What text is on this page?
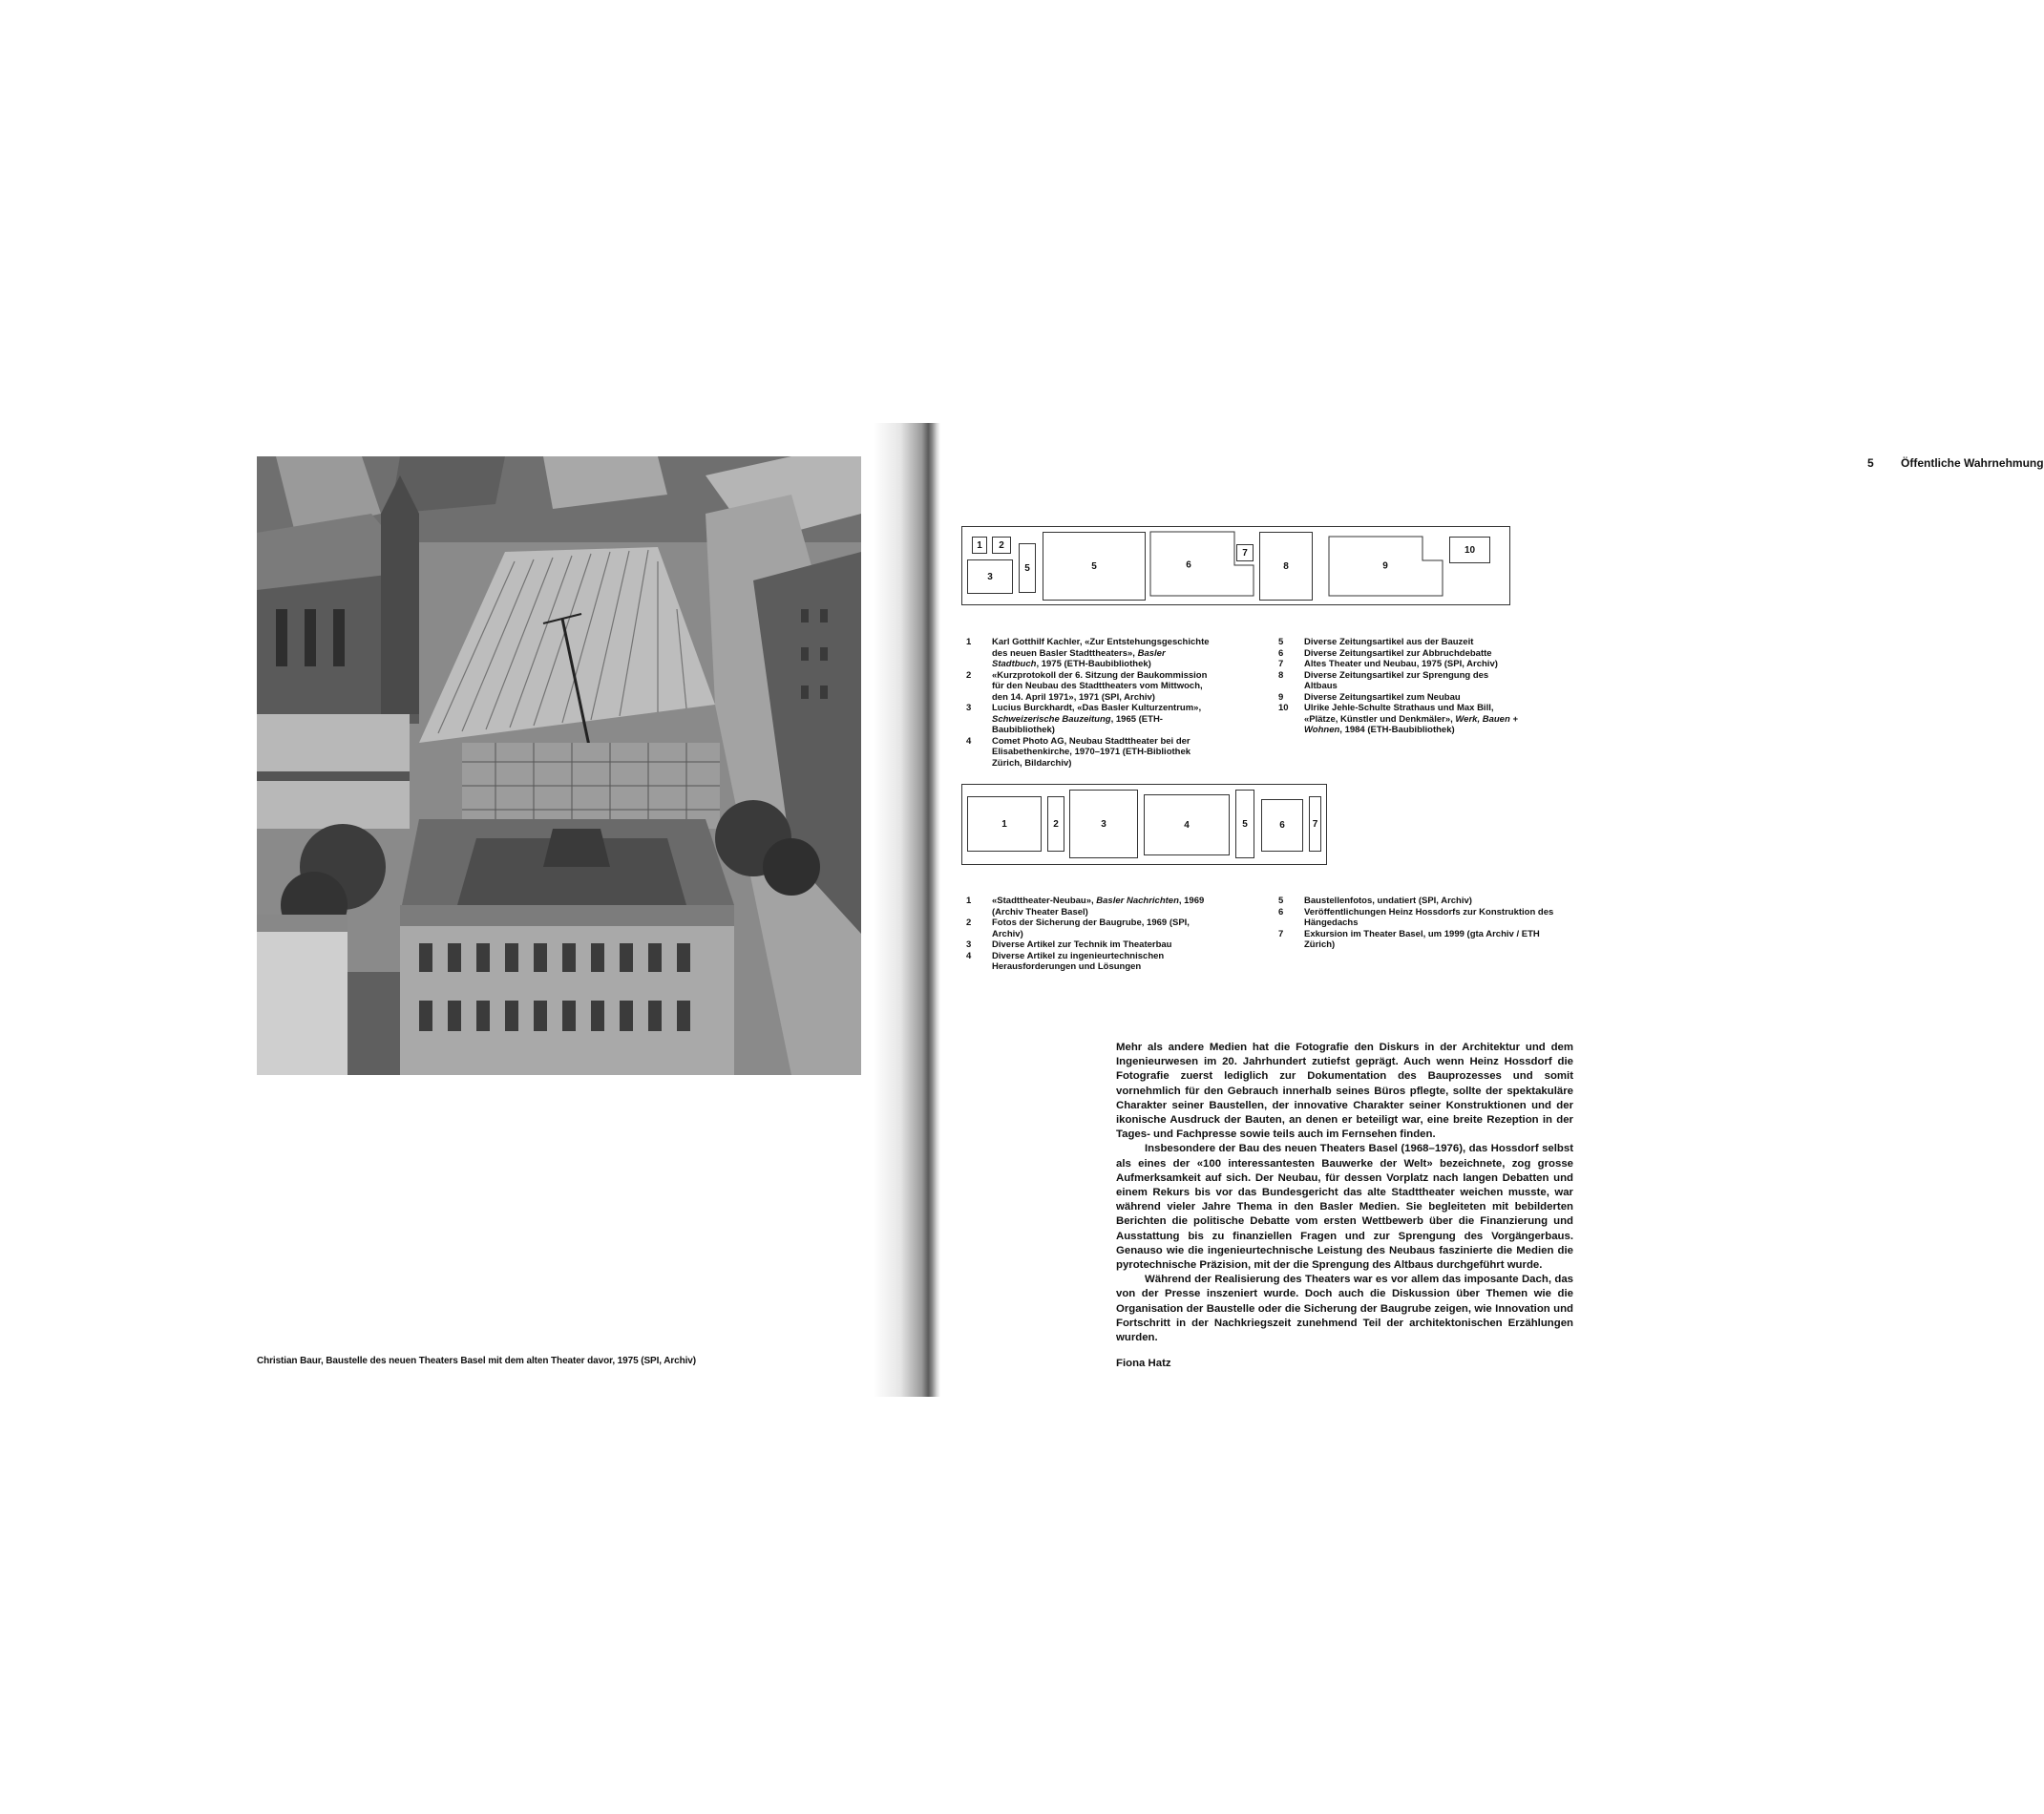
Christian Baur, Baustelle des neuen Theaters Basel mit dem alten Theater davor, 1975 (SPI, Archiv)
5 Öffentliche Wahrnehmung
1	2
3
5	5	6
7
8	9
10
1 Karl Gotthilf Kachler, «Zur Entstehungsgeschichte des neuen Basler Stadttheaters», Basler Stadtbuch, 1975 (ETH-Baubibliothek)
2 «Kurzprotokoll der 6. Sitzung der Baukommission für den Neubau des Stadttheaters vom Mittwoch, den 14. April 1971», 1971 (SPI, Archiv)
3 Lucius Burckhardt, «Das Basler Kulturzentrum», Schweizerische Bauzeitung, 1965 (ETH-Baubibliothek)
4 Comet Photo AG, Neubau Stadttheater bei der Elisabethenkirche, 1970–1971 (ETH-Bibliothek Zürich, Bildarchiv)
5 Diverse Zeitungsartikel aus der Bauzeit
6 Diverse Zeitungsartikel zur Abbruchdebatte
7 Altes Theater und Neubau, 1975 (SPI, Archiv)
8 Diverse Zeitungsartikel zur Sprengung des Altbaus
9 Diverse Zeitungsartikel zum Neubau
10 Ulrike Jehle-Schulte Strathaus und Max Bill, «Plätze, Künstler und Denkmäler», Werk, Bauen + Wohnen, 1984 (ETH-Baubibliothek)
1	2	3	4	5	6	7
1 «Stadttheater-Neubau», Basler Nachrichten, 1969 (Archiv Theater Basel)
2 Fotos der Sicherung der Baugrube, 1969 (SPI, Archiv)
3 Diverse Artikel zur Technik im Theaterbau
4 Diverse Artikel zu ingenieurtechnischen Herausforderungen und Lösungen
5 Baustellenfotos, undatiert (SPI, Archiv)
6 Veröffentlichungen Heinz Hossdorfs zur Konstruktion des Hängedachs
7 Exkursion im Theater Basel, um 1999 (gta Archiv / ETH Zürich)

Mehr als andere Medien hat die Fotografie den Diskurs in der Architektur und dem Ingenieurwesen im 20. Jahrhundert zutiefst geprägt. Auch wenn Heinz Hossdorf die Fotografie zuerst lediglich zur Dokumentation des Bauprozesses und somit vornehmlich für den Gebrauch innerhalb seines Büros pflegte, sollte der spektakuläre Charakter seiner Baustellen, der innovative Charakter seiner Konstruktionen und der ikonische Ausdruck der Bauten, an denen er beteiligt war, eine breite Rezeption in der Tages- und Fachpresse sowie teils auch im Fernsehen finden.

Insbesondere der Bau des neuen Theaters Basel (1968–1976), das Hossdorf selbst als eines der «100 interessantesten Bauwerke der Welt» bezeichnete, zog grosse Aufmerksamkeit auf sich. Der Neubau, für dessen Vorplatz nach langen Debatten und einem Rekurs bis vor das Bundesgericht das alte Stadttheater weichen musste, war während vieler Jahre Thema in den Basler Medien. Sie begleiteten mit bebilderten Berichten die politische Debatte vom ersten Wettbewerb über die Finanzierung und Ausstattung bis zu finanziellen Fragen und zur Sprengung des Vorgängerbaus. Genauso wie die ingenieurtechnische Leistung des Neubaus faszinierte die Medien die pyrotechnische Präzision, mit der die Sprengung des Altbaus durchgeführt wurde.

Während der Realisierung des Theaters war es vor allem das imposante Dach, das von der Presse inszeniert wurde. Doch auch die Diskussion über Themen wie die Organisation der Baustelle oder die Sicherung der Baugrube zeigen, wie Innovation und Fortschritt in der Nachkriegszeit zunehmend Teil der architektonischen Erzählungen wurden.

Fiona Hatz
